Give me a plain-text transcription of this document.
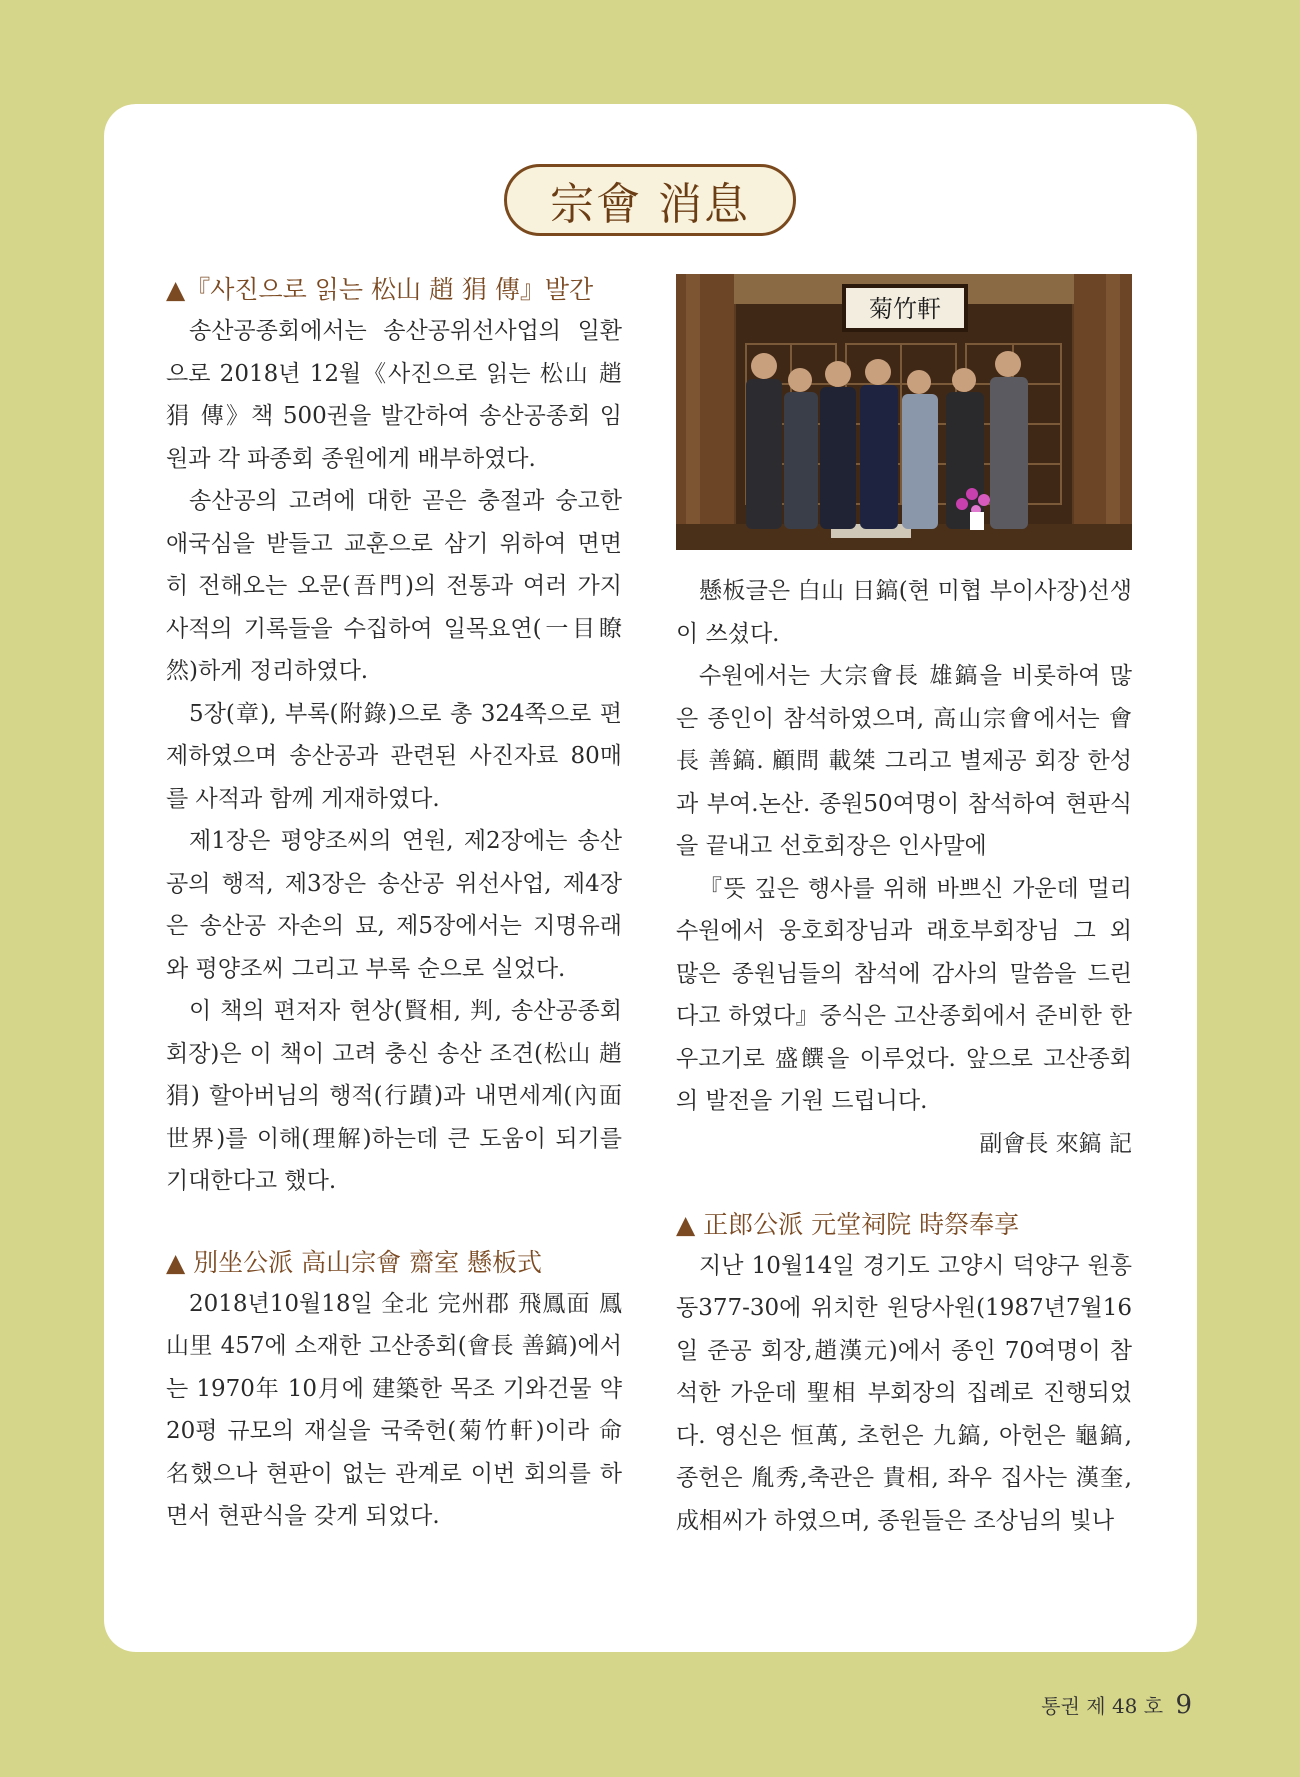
宗會 消息
▲『사진으로 읽는 松山 趙 狷 傳』발간

송산공종회에서는 송산공위선사업의 일환으로 2018년 12월《사진으로 읽는 松山 趙 狷 傳》책 500권을 발간하여 송산공종회 임원과 각 파종회 종원에게 배부하였다.

송산공의 고려에 대한 곧은 충절과 숭고한 애국심을 받들고 교훈으로 삼기 위하여 면면히 전해오는 오문(吾門)의 전통과 여러 가지 사적의 기록들을 수집하여 일목요연(一目瞭然)하게 정리하였다.

5장(章), 부록(附錄)으로 총 324쪽으로 편제하였으며 송산공과 관련된 사진자료 80매를 사적과 함께 게재하였다.

제1장은 평양조씨의 연원, 제2장에는 송산공의 행적, 제3장은 송산공 위선사업, 제4장은 송산공 자손의 묘, 제5장에서는 지명유래와 평양조씨 그리고 부록 순으로 실었다.

이 책의 편저자 현상(賢相, 判, 송산공종회 회장)은 이 책이 고려 충신 송산 조견(松山 趙狷) 할아버님의 행적(行蹟)과 내면세계(內面世界)를 이해(理解)하는데 큰 도움이 되기를 기대한다고 했다.

▲ 別坐公派 高山宗會 齋室 懸板式

2018년10월18일 全北 完州郡 飛鳳面 鳳山里 457에 소재한 고산종회(會長 善鎬)에서는 1970年 10月에 建築한 목조 기와건물 약 20평 규모의 재실을 국죽헌(菊竹軒)이라 命名했으나 현판이 없는 관계로 이번 회의를 하면서 현판식을 갖게 되었다.

菊竹軒

懸板글은 白山 日鎬(현 미협 부이사장)선생이 쓰셨다.

수원에서는 大宗會長 雄鎬을 비롯하여 많은 종인이 참석하였으며, 高山宗會에서는 會長 善鎬. 顧問 載桀 그리고 별제공 회장 한성과 부여.논산. 종원50여명이 참석하여 현판식을 끝내고 선호회장은 인사말에

『뜻 깊은 행사를 위해 바쁘신 가운데 멀리 수원에서 웅호회장님과 래호부회장님 그 외 많은 종원님들의 참석에 감사의 말씀을 드린다고 하였다』중식은 고산종회에서 준비한 한우고기로 盛饌을 이루었다. 앞으로 고산종회의 발전을 기원 드립니다.

副會長 來鎬 記

▲ 正郎公派 元堂祠院 時祭奉享

지난 10월14일 경기도 고양시 덕양구 원흥동377-30에 위치한 원당사원(1987년7월16일 준공 회장,趙漢元)에서 종인 70여명이 참석한 가운데 聖相 부회장의 집례로 진행되었다. 영신은 恒萬, 초헌은 九鎬, 아헌은 龜鎬, 종헌은 胤秀,축관은 貴相, 좌우 집사는 漢奎, 成相씨가 하였으며, 종원들은 조상님의 빛나

통권 제 48 호 9
